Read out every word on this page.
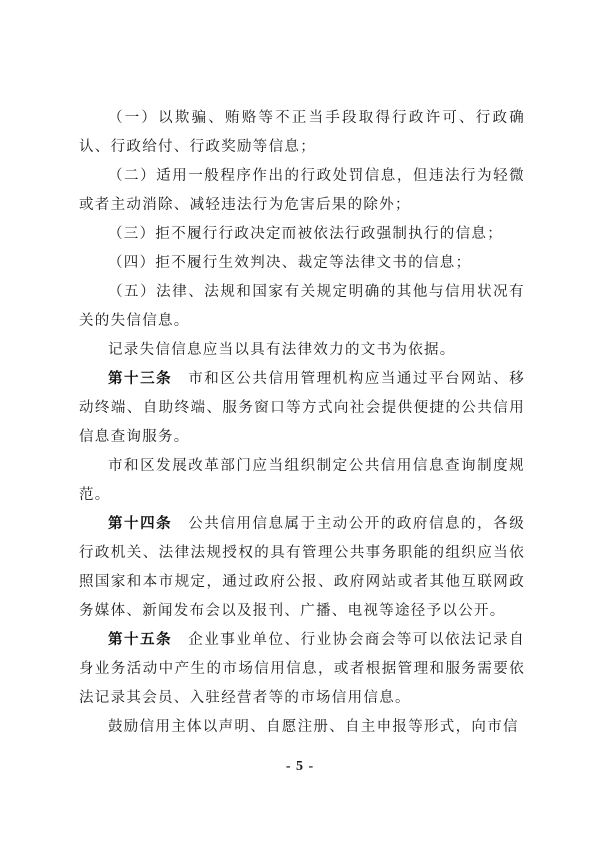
（一）以欺骗、贿赂等不正当手段取得行政许可、行政确认、行政给付、行政奖励等信息；

（二）适用一般程序作出的行政处罚信息，但违法行为轻微或者主动消除、减轻违法行为危害后果的除外；

（三）拒不履行行政决定而被依法行政强制执行的信息；

（四）拒不履行生效判决、裁定等法律文书的信息；

（五）法律、法规和国家有关规定明确的其他与信用状况有关的失信信息。

记录失信信息应当以具有法律效力的文书为依据。

第十三条　市和区公共信用管理机构应当通过平台网站、移动终端、自助终端、服务窗口等方式向社会提供便捷的公共信用信息查询服务。

市和区发展改革部门应当组织制定公共信用信息查询制度规范。

第十四条　公共信用信息属于主动公开的政府信息的，各级行政机关、法律法规授权的具有管理公共事务职能的组织应当依照国家和本市规定，通过政府公报、政府网站或者其他互联网政务媒体、新闻发布会以及报刊、广播、电视等途径予以公开。

第十五条　企业事业单位、行业协会商会等可以依法记录自身业务活动中产生的市场信用信息，或者根据管理和服务需要依法记录其会员、入驻经营者等的市场信用信息。

鼓励信用主体以声明、自愿注册、自主申报等形式，向市信

- 5 -
